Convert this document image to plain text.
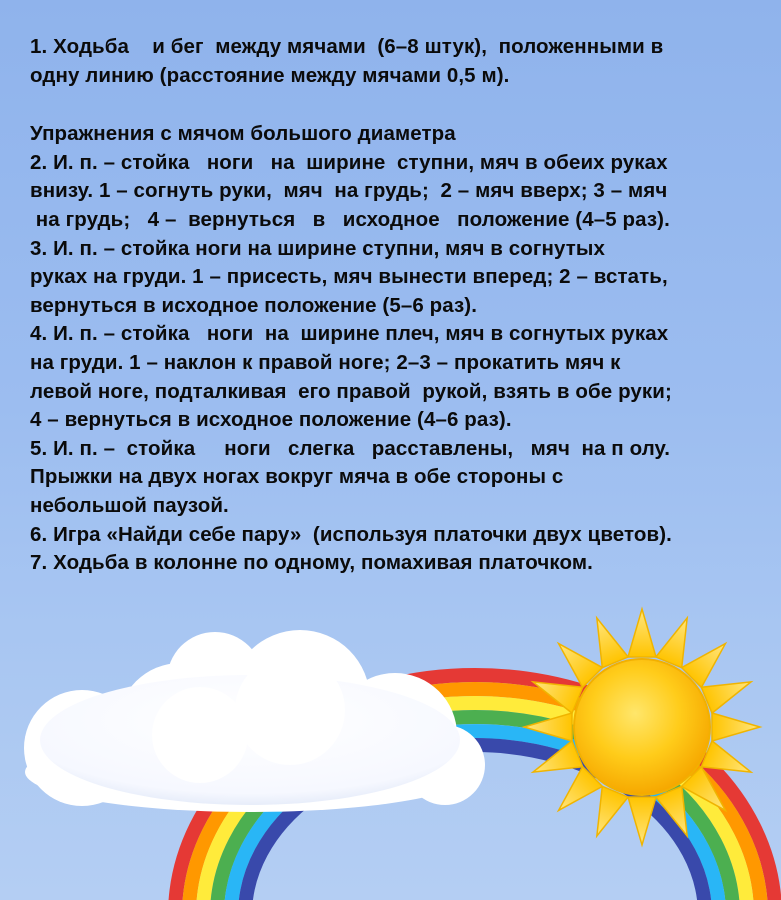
1. Ходьба    и бег  между мячами  (6–8 штук),  положенными в
одну линию (расстояние между мячами 0,5 м).
Упражнения с мячом большого диаметра
2. И. п. – стойка   ноги   на  ширине  ступни, мяч в обеих руках
внизу. 1 – согнуть руки,  мяч  на грудь;  2 – мяч вверх; 3 – мяч
на грудь;   4 –  вернуться   в   исходное   положение (4–5 раз).
3. И. п. – стойка ноги на ширине ступни, мяч в согнутых
руках на груди. 1 – присесть, мяч вынести вперед; 2 – встать,
вернуться в исходное положение (5–6 раз).
4. И. п. – стойка   ноги  на  ширине плеч, мяч в согнутых руках
на груди. 1 – наклон к правой ноге; 2–3 – прокатить мяч к
левой ноге, подталкивая  его правой  рукой, взять в обе руки;
4 – вернуться в исходное положение (4–6 раз).
5. И. п. –  стойка     ноги   слегка   расставлены,   мяч  на п олу.
Прыжки на двух ногах вокруг мяча в обе стороны с
небольшой паузой.
6. Игра «Найди себе пару»  (используя платочки двух цветов).
7. Ходьба в колонне по одному, помахивая платочком.
